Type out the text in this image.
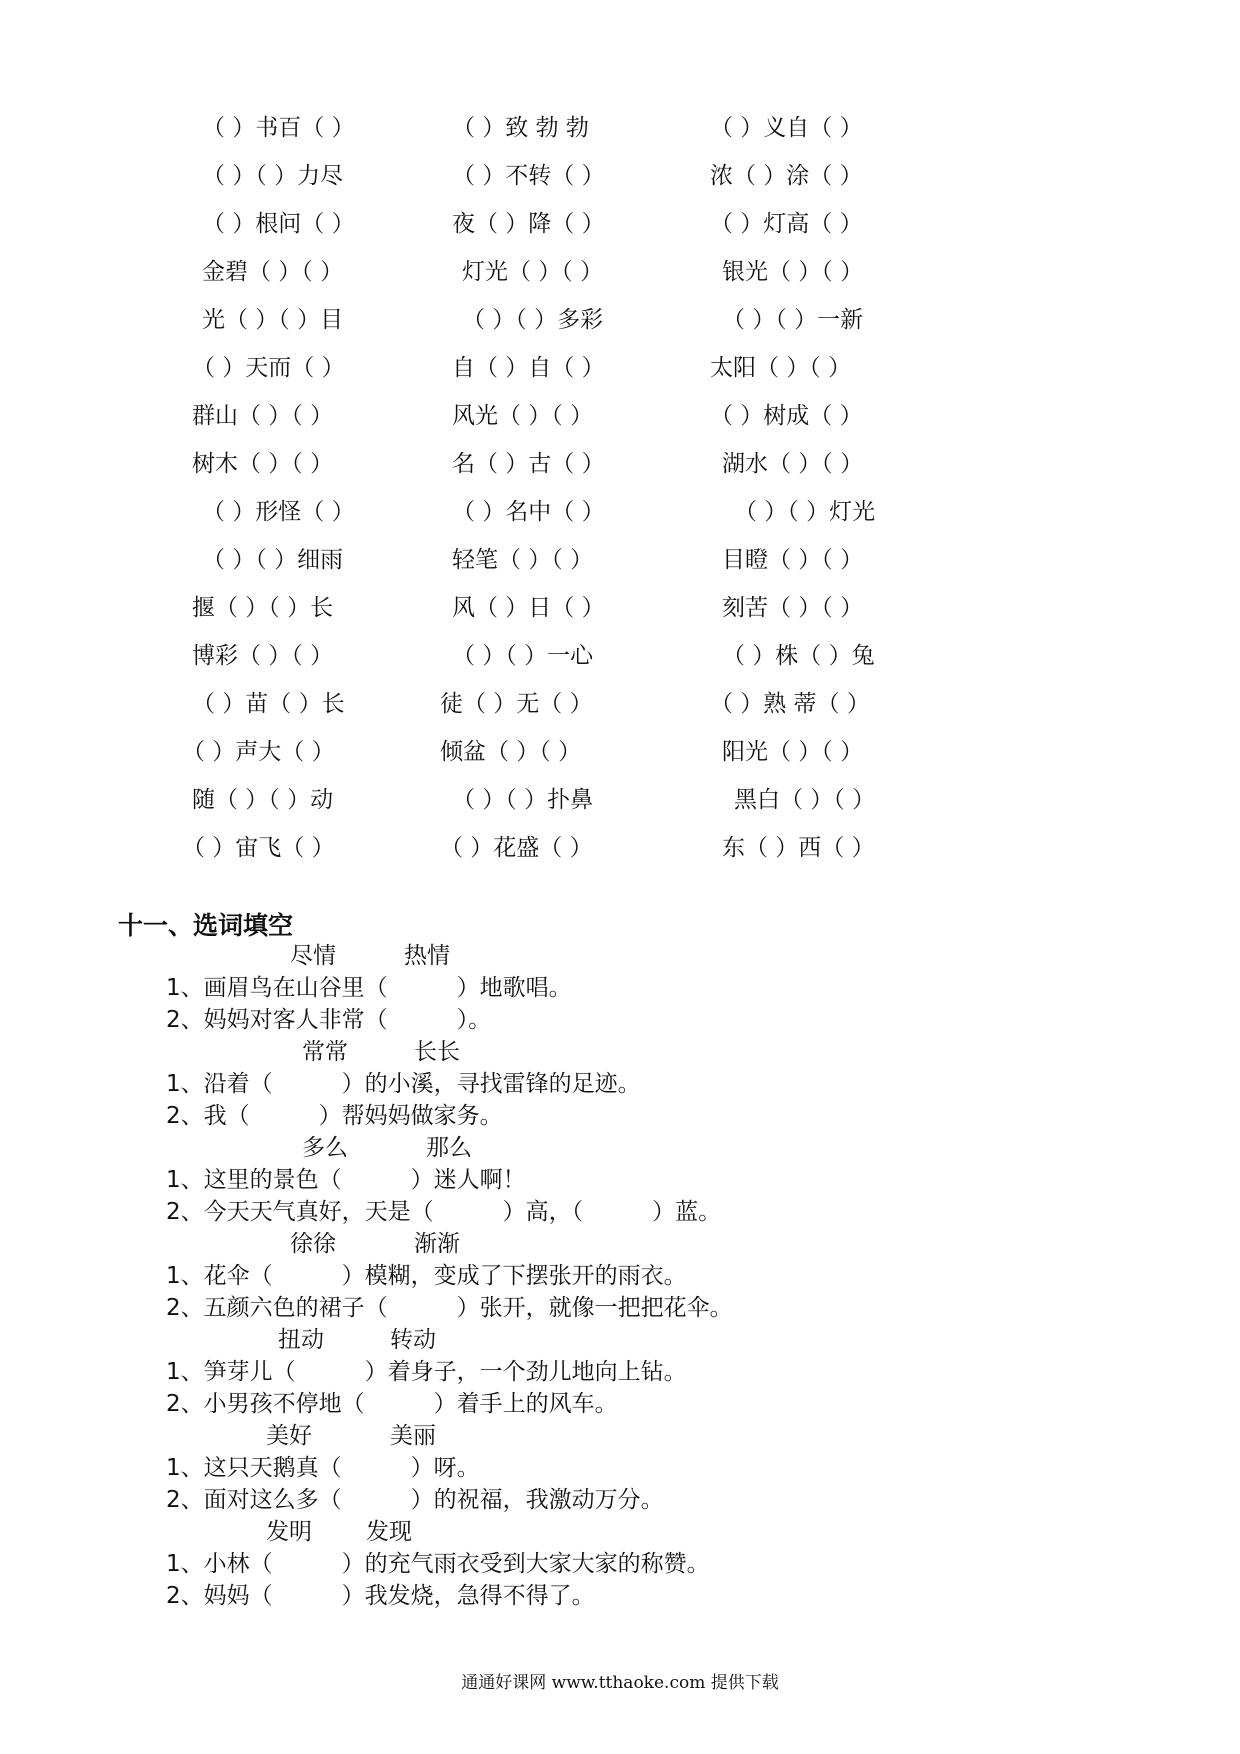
（ ）书百（ ）	（ ）致 勃 勃	（ ）义自（ ）
（ ）（ ）力尽	（ ）不转（ ）	浓（ ）涂（ ）
（ ）根问（ ）	夜（ ）降（ ）	（ ）灯高（ ）
金碧（ ）（ ）	灯光（ ）（ ）	银光（ ）（ ）
光（ ）（ ）目	（ ）（ ）多彩	（ ）（ ）一新
（ ）天而（ ）	自（ ）自（ ）	太阳（ ）（ ）
群山（ ）（ ）	风光（ ）（ ）	（ ）树成（ ）
树木（ ）（ ）	名（ ）古（ ）	湖水（ ）（ ）
（ ）形怪（ ）	（ ）名中（ ）	（ ）（ ）灯光
（ ）（ ）细雨	轻笔（ ）（ ）	目瞪（ ）（ ）
揠（ ）（ ）长	风（ ）日（ ）	刻苦（ ）（ ）
博彩（ ）（ ）	（ ）（ ）一心	（ ）株（ ）兔
（ ）苗（ ）长	徒（ ）无（ ）	（ ）熟 蒂（ ）
（ ）声大（ ）	倾盆（ ）（ ）	阳光（ ）（ ）
随（ ）（ ）动	（ ）（ ）扑鼻	黑白（ ）（ ）
（ ）宙飞（ ）	（ ）花盛（ ）	东（ ）西（ ）
十一、选词填空
尽情	热情
1、画眉鸟在山谷里（　　　）地歌唱。
2、妈妈对客人非常（　　　）。
常常	长长
1、沿着（　　　）的小溪，寻找雷锋的足迹。
2、我（　　　）帮妈妈做家务。
多么	那么
1、这里的景色（　　　）迷人啊！
2、今天天气真好，天是（　　　）高，（　　　）蓝。
徐徐	渐渐
1、花伞（　　　）模糊，变成了下摆张开的雨衣。
2、五颜六色的裙子（　　　）张开，就像一把把花伞。
扭动	转动
1、笋芽儿（　　　）着身子，一个劲儿地向上钻。
2、小男孩不停地（　　　）着手上的风车。
美好	美丽
1、这只天鹅真（　　　）呀。
2、面对这么多（　　　）的祝福，我激动万分。
发明 发现
1、小林（　　　）的充气雨衣受到大家大家的称赞。
2、妈妈（　　　）我发烧，急得不得了。
通通好课网 www.tthaoke.com 提供下载
